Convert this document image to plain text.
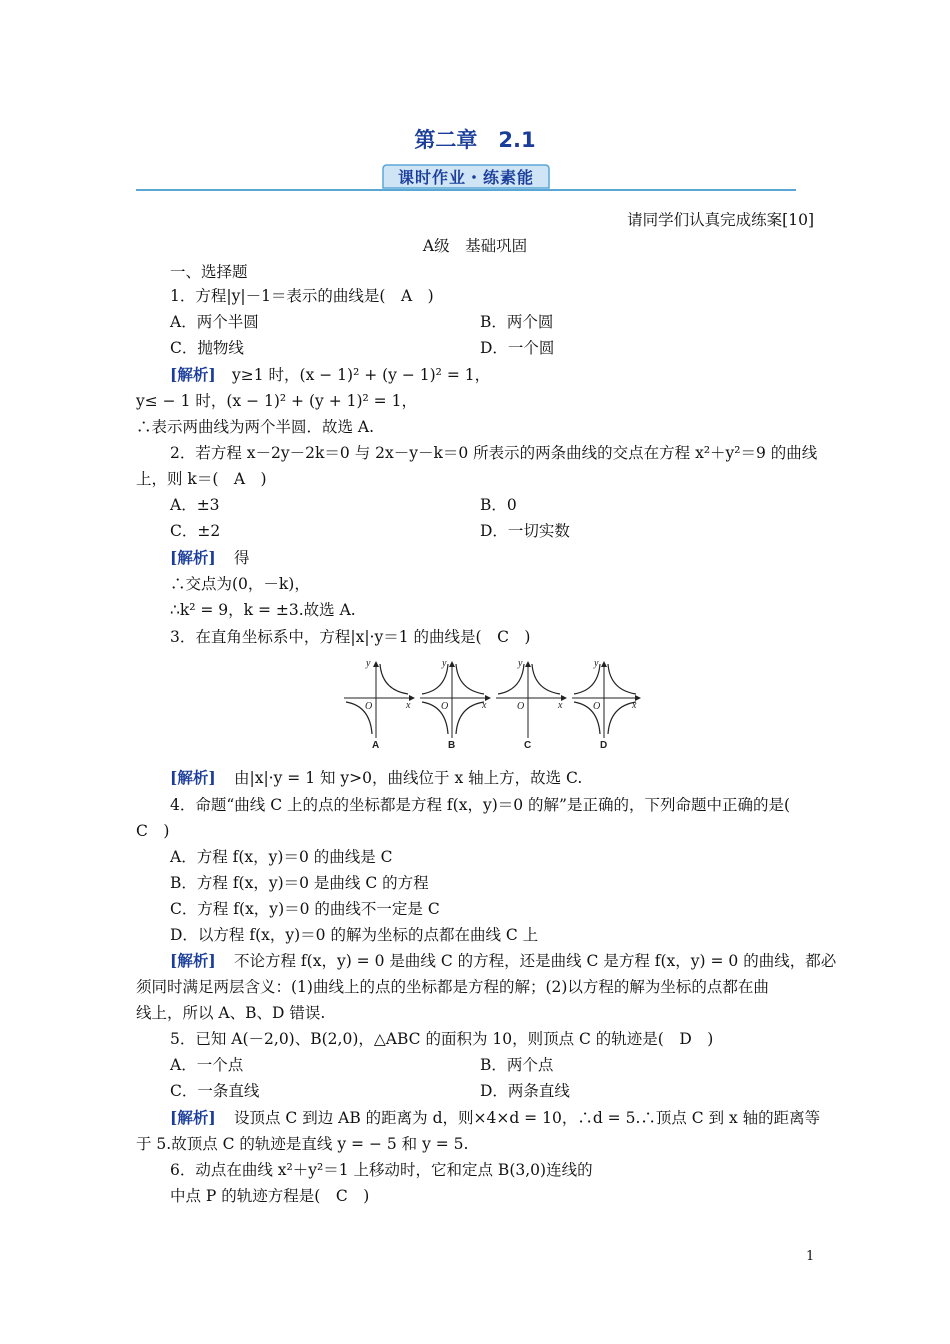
第二章　2.1
课时作业・练素能
请同学们认真完成练案[10]
A级　基础巩固
一、选择题
1．方程|y|－1＝表示的曲线是(　A　)
A．两个半圆	B．两个圆
C．抛物线	D．一个圆
[解析] y≥1 时，(x − 1)² + (y − 1)² = 1，
y≤ − 1 时，(x − 1)² + (y + 1)² = 1，
∴表示两曲线为两个半圆．故选 A.
2．若方程 x－2y－2k＝0 与 2x－y－k＝0 所表示的两条曲线的交点在方程 x²＋y²＝9 的曲线
上，则 k＝(　A　)
A．±3	B．0
C．±2	D．一切实数
[解析] 得
∴交点为(0，－k)，
∴k² = 9，k = ±3.故选 A.
3．在直角坐标系中，方程|x|·y＝1 的曲线是(　C　)
y
x
y
x
y
x
y
x
O	O	O	O
A	B	C	D
[解析] 由|x|·y = 1 知 y>0，曲线位于 x 轴上方，故选 C.
4．命题“曲线 C 上的点的坐标都是方程 f(x，y)＝0 的解”是正确的，下列命题中正确的是(
C　)
A．方程 f(x，y)＝0 的曲线是 C
B．方程 f(x，y)＝0 是曲线 C 的方程
C．方程 f(x，y)＝0 的曲线不一定是 C
D．以方程 f(x，y)＝0 的解为坐标的点都在曲线 C 上
[解析] 不论方程 f(x，y) = 0 是曲线 C 的方程，还是曲线 C 是方程 f(x，y) = 0 的曲线，都必
须同时满足两层含义：(1)曲线上的点的坐标都是方程的解；(2)以方程的解为坐标的点都在曲
线上，所以 A、B、D 错误.
5．已知 A(－2,0)、B(2,0)，△ABC 的面积为 10，则顶点 C 的轨迹是(　D　)
A．一个点	B．两个点
C．一条直线	D．两条直线
[解析] 设顶点 C 到边 AB 的距离为 d，则×4×d = 10，∴d = 5.∴顶点 C 到 x 轴的距离等
于 5.故顶点 C 的轨迹是直线 y = − 5 和 y = 5.
6．动点在曲线 x²＋y²＝1 上移动时，它和定点 B(3,0)连线的
中点 P 的轨迹方程是(　C　)
1
